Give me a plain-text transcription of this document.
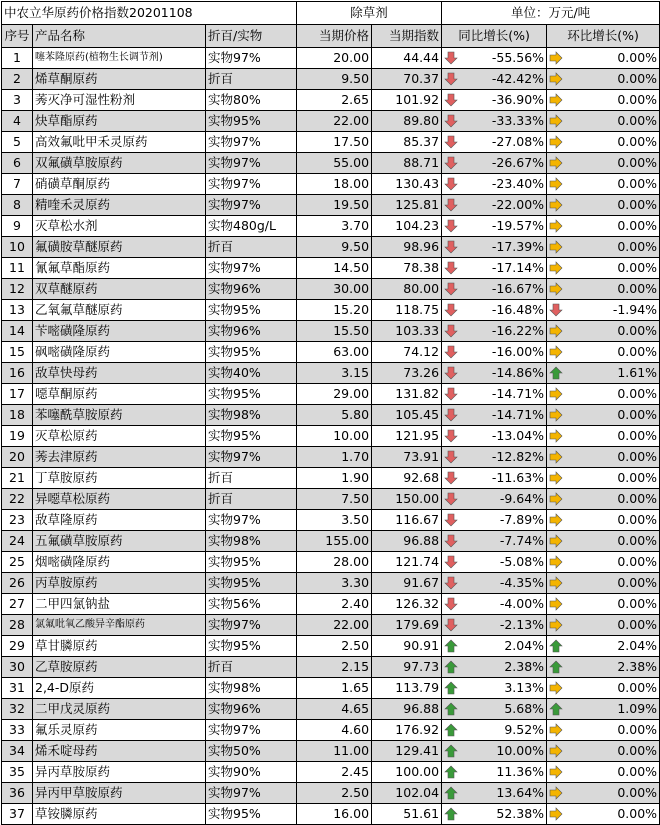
中农立华原药价格指数20201108			除草剂		单位：万元/吨	
序号	产品名称	折百/实物	当期价格	当期指数	同比增长(%)	环比增长(%)
1	噻苯隆原药(植物生长调节剂)	实物97%	20.00	44.44	-55.56%	0.00%

2	烯草酮原药	折百	9.50	70.37	-42.42%	0.00%

3	莠灭净可湿性粉剂	实物80%	2.65	101.92	-36.90%	0.00%

4	炔草酯原药	实物95%	22.00	89.80	-33.33%	0.00%

5	高效氟吡甲禾灵原药	实物97%	17.50	85.37	-27.08%	0.00%

6	双氟磺草胺原药	实物97%	55.00	88.71	-26.67%	0.00%

7	硝磺草酮原药	实物97%	18.00	130.43	-23.40%	0.00%

8	精喹禾灵原药	实物97%	19.50	125.81	-22.00%	0.00%

9	灭草松水剂	实物480g/L	3.70	104.23	-19.57%	0.00%

10	氟磺胺草醚原药	折百	9.50	98.96	-17.39%	0.00%

11	氰氟草酯原药	实物97%	14.50	78.38	-17.14%	0.00%

12	双草醚原药	实物96%	30.00	80.00	-16.67%	0.00%

13	乙氧氟草醚原药	实物95%	15.20	118.75	-16.48%	-1.94%

14	苄嘧磺隆原药	实物96%	15.50	103.33	-16.22%	0.00%

15	砜嘧磺隆原药	实物95%	63.00	74.12	-16.00%	0.00%

16	敌草快母药	实物40%	3.15	73.26	-14.86%	1.61%

17	噁草酮原药	实物95%	29.00	131.82	-14.71%	0.00%

18	苯噻酰草胺原药	实物98%	5.80	105.45	-14.71%	0.00%

19	灭草松原药	实物95%	10.00	121.95	-13.04%	0.00%

20	莠去津原药	实物97%	1.70	73.91	-12.82%	0.00%

21	丁草胺原药	折百	1.90	92.68	-11.63%	0.00%

22	异噁草松原药	折百	7.50	150.00	-9.64%	0.00%

23	敌草隆原药	实物97%	3.50	116.67	-7.89%	0.00%

24	五氟磺草胺原药	实物98%	155.00	96.88	-7.74%	0.00%

25	烟嘧磺隆原药	实物95%	28.00	121.74	-5.08%	0.00%

26	丙草胺原药	实物95%	3.30	91.67	-4.35%	0.00%

27	二甲四氯钠盐	实物56%	2.40	126.32	-4.00%	0.00%

28	氯氟吡氧乙酸异辛酯原药	实物97%	22.00	179.69	-2.13%	0.00%

29	草甘膦原药	实物95%	2.50	90.91	2.04%	2.04%

30	乙草胺原药	折百	2.15	97.73	2.38%	2.38%

31	2,4-D原药	实物98%	1.65	113.79	3.13%	0.00%

32	二甲戊灵原药	实物96%	4.65	96.88	5.68%	1.09%

33	氟乐灵原药	实物97%	4.60	176.92	9.52%	0.00%

34	烯禾啶母药	实物50%	11.00	129.41	10.00%	0.00%

35	异丙草胺原药	实物90%	2.45	100.00	11.36%	0.00%

36	异丙甲草胺原药	实物97%	2.50	102.04	13.64%	0.00%

37	草铵膦原药	实物95%	16.00	51.61	52.38%	0.00%
